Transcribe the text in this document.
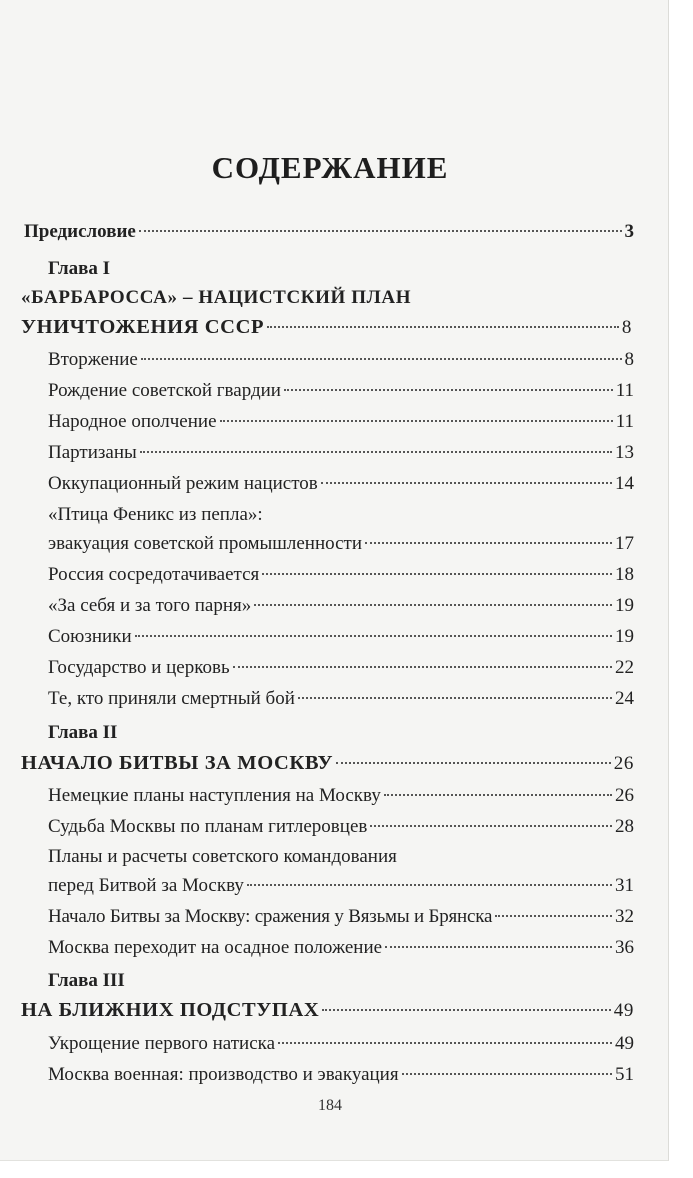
СОДЕРЖАНИЕ
Предисловие	3
Глава I
«БАРБАРОССА» – НАЦИСТСКИЙ ПЛАН
УНИЧТОЖЕНИЯ СССР	8
Вторжение	8
Рождение советской гвардии	11
Народное ополчение	11
Партизаны	13
Оккупационный режим нацистов	14
«Птица Феникс из пепла»:
эвакуация советской промышленности	17
Россия сосредотачивается	18
«За себя и за того парня»	19
Союзники	19
Государство и церковь	22
Те, кто приняли смертный бой	24
Глава II
НАЧАЛО БИТВЫ ЗА МОСКВУ	26
Немецкие планы наступления на Москву	26
Судьба Москвы по планам гитлеровцев	28
Планы и расчеты советского командования
перед Битвой за Москву	31
Начало Битвы за Москву: сражения у Вязьмы и Брянска	32
Москва переходит на осадное положение	36
Глава III
НА БЛИЖНИХ ПОДСТУПАХ	49
Укрощение первого натиска	49
Москва военная: производство и эвакуация	51
184
